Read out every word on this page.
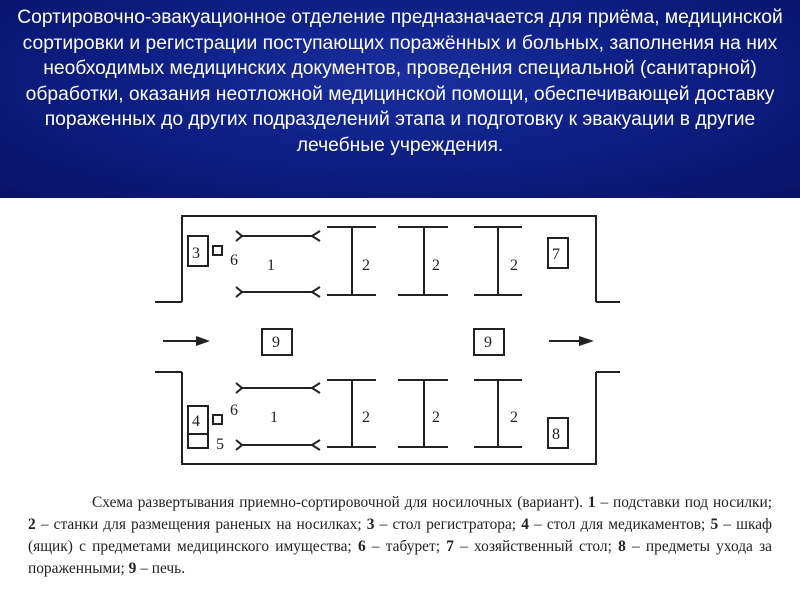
Сортировочно-эвакуационное отделение предназначается для приёма, медицинской сортировки и регистрации поступающих поражённых и больных, заполнения на них необходимых медицинских документов, проведения специальной (санитарной) обработки, оказания неотложной медицинской помощи, обеспечивающей доставку пораженных до других подразделений этапа и подготовку к эвакуации в другие лечебные учреждения.

3 6 1	2	2	2
7
9	9
4
5
6 1	2	2	2
8

Схема развертывания приемно-сортировочной для носилочных (вариант). 1 – подставки под носилки; 2 – станки для размещения раненых на носилках; 3 – стол регистратора; 4 – стол для медикаментов; 5 – шкаф (ящик) с предметами медицинского имущества; 6 – табурет; 7 – хозяйственный стол; 8 – предметы ухода за пораженными; 9 – печь.
